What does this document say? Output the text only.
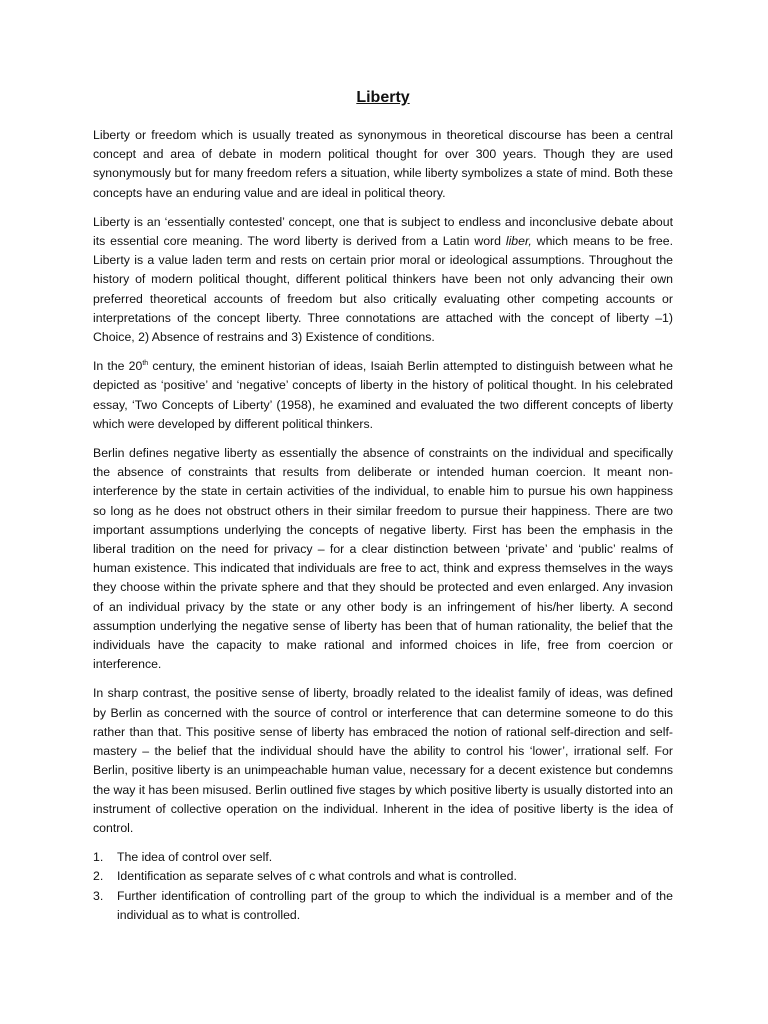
Liberty

Liberty or freedom which is usually treated as synonymous in theoretical discourse has been a central concept and area of debate in modern political thought for over 300 years. Though they are used synonymously but for many freedom refers a situation, while liberty symbolizes a state of mind. Both these concepts have an enduring value and are ideal in political theory.

Liberty is an ‘essentially contested’ concept, one that is subject to endless and inconclusive debate about its essential core meaning. The word liberty is derived from a Latin word liber, which means to be free. Liberty is a value laden term and rests on certain prior moral or ideological assumptions. Throughout the history of modern political thought, different political thinkers have been not only advancing their own preferred theoretical accounts of freedom but also critically evaluating other competing accounts or interpretations of the concept liberty. Three connotations are attached with the concept of liberty –1) Choice, 2) Absence of restrains and 3) Existence of conditions.

In the 20th century, the eminent historian of ideas, Isaiah Berlin attempted to distinguish between what he depicted as ‘positive’ and ‘negative’ concepts of liberty in the history of political thought. In his celebrated essay, ‘Two Concepts of Liberty’ (1958), he examined and evaluated the two different concepts of liberty which were developed by different political thinkers.

Berlin defines negative liberty as essentially the absence of constraints on the individual and specifically the absence of constraints that results from deliberate or intended human coercion. It meant non-interference by the state in certain activities of the individual, to enable him to pursue his own happiness so long as he does not obstruct others in their similar freedom to pursue their happiness. There are two important assumptions underlying the concepts of negative liberty. First has been the emphasis in the liberal tradition on the need for privacy – for a clear distinction between ‘private’ and ‘public’ realms of human existence. This indicated that individuals are free to act, think and express themselves in the ways they choose within the private sphere and that they should be protected and even enlarged. Any invasion of an individual privacy by the state or any other body is an infringement of his/her liberty. A second assumption underlying the negative sense of liberty has been that of human rationality, the belief that the individuals have the capacity to make rational and informed choices in life, free from coercion or interference.

In sharp contrast, the positive sense of liberty, broadly related to the idealist family of ideas, was defined by Berlin as concerned with the source of control or interference that can determine someone to do this rather than that. This positive sense of liberty has embraced the notion of rational self-direction and self-mastery – the belief that the individual should have the ability to control his ‘lower’, irrational self. For Berlin, positive liberty is an unimpeachable human value, necessary for a decent existence but condemns the way it has been misused. Berlin outlined five stages by which positive liberty is usually distorted into an instrument of collective operation on the individual. Inherent in the idea of positive liberty is the idea of control.

1. The idea of control over self.
2. Identification as separate selves of c what controls and what is controlled.
3. Further identification of controlling part of the group to which the individual is a member and of the individual as to what is controlled.
